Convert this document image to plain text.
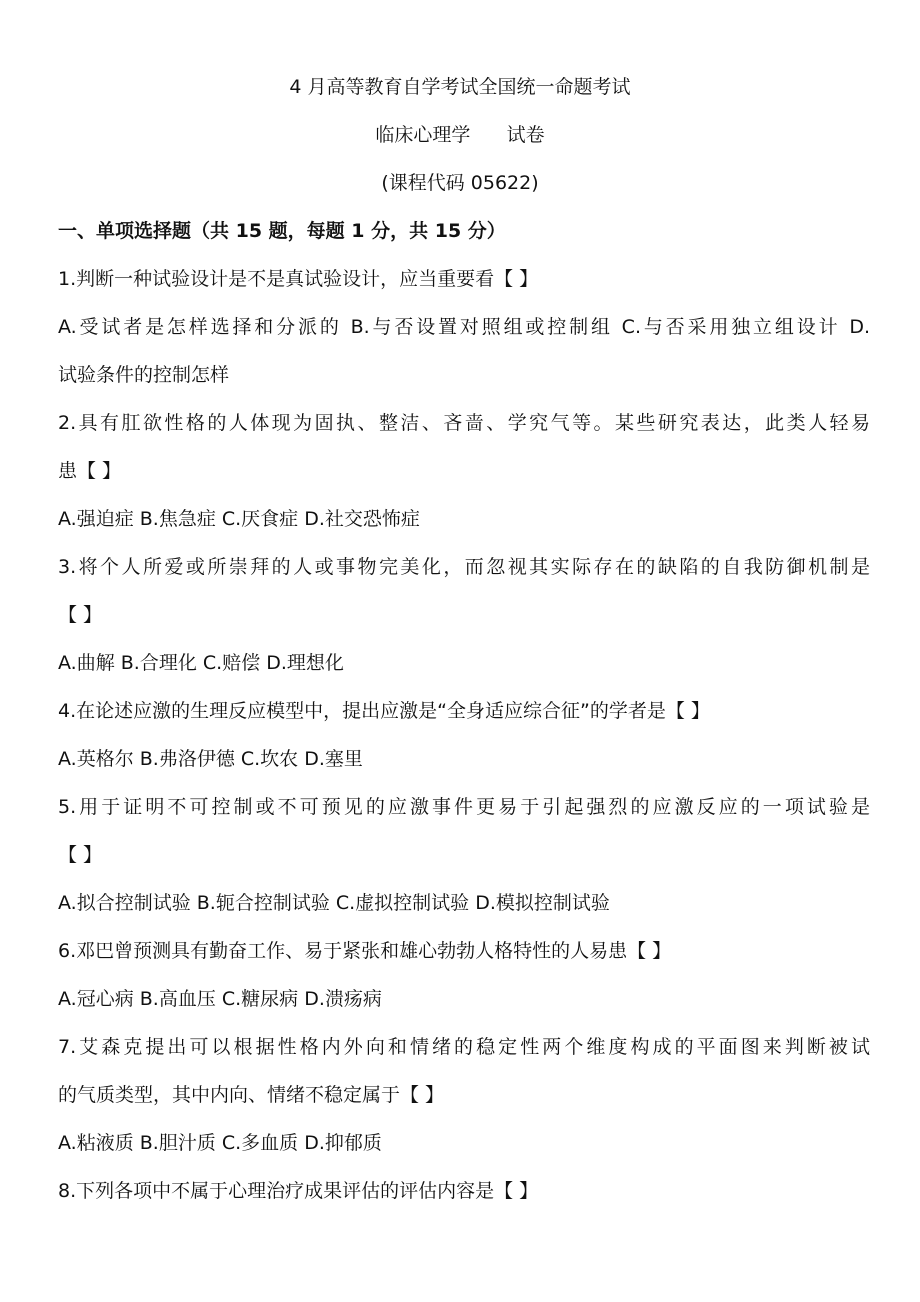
4 月高等教育自学考试全国统一命题考试
临床心理学      试卷
(课程代码 05622)
一、单项选择题（共 15 题，每题 1 分，共 15 分）
1.判断一种试验设计是不是真试验设计，应当重要看【 】
A.受试者是怎样选择和分派的 B.与否设置对照组或控制组 C.与否采用独立组设计 D.
试验条件的控制怎样
2.具有肛欲性格的人体现为固执、整洁、吝啬、学究气等。某些研究表达，此类人轻易
患【 】
A.强迫症 B.焦急症 C.厌食症 D.社交恐怖症
3.将个人所爱或所崇拜的人或事物完美化，而忽视其实际存在的缺陷的自我防御机制是
【 】
A.曲解 B.合理化 C.赔偿 D.理想化
4.在论述应激的生理反应模型中，提出应激是“全身适应综合征”的学者是【 】
A.英格尔 B.弗洛伊德 C.坎农 D.塞里
5.用于证明不可控制或不可预见的应激事件更易于引起强烈的应激反应的一项试验是
【 】
A.拟合控制试验 B.轭合控制试验 C.虚拟控制试验 D.模拟控制试验
6.邓巴曾预测具有勤奋工作、易于紧张和雄心勃勃人格特性的人易患【 】
A.冠心病 B.高血压 C.糖尿病 D.溃疡病
7.艾森克提出可以根据性格内外向和情绪的稳定性两个维度构成的平面图来判断被试
的气质类型，其中内向、情绪不稳定属于【 】
A.粘液质 B.胆汁质 C.多血质 D.抑郁质
8.下列各项中不属于心理治疗成果评估的评估内容是【 】
